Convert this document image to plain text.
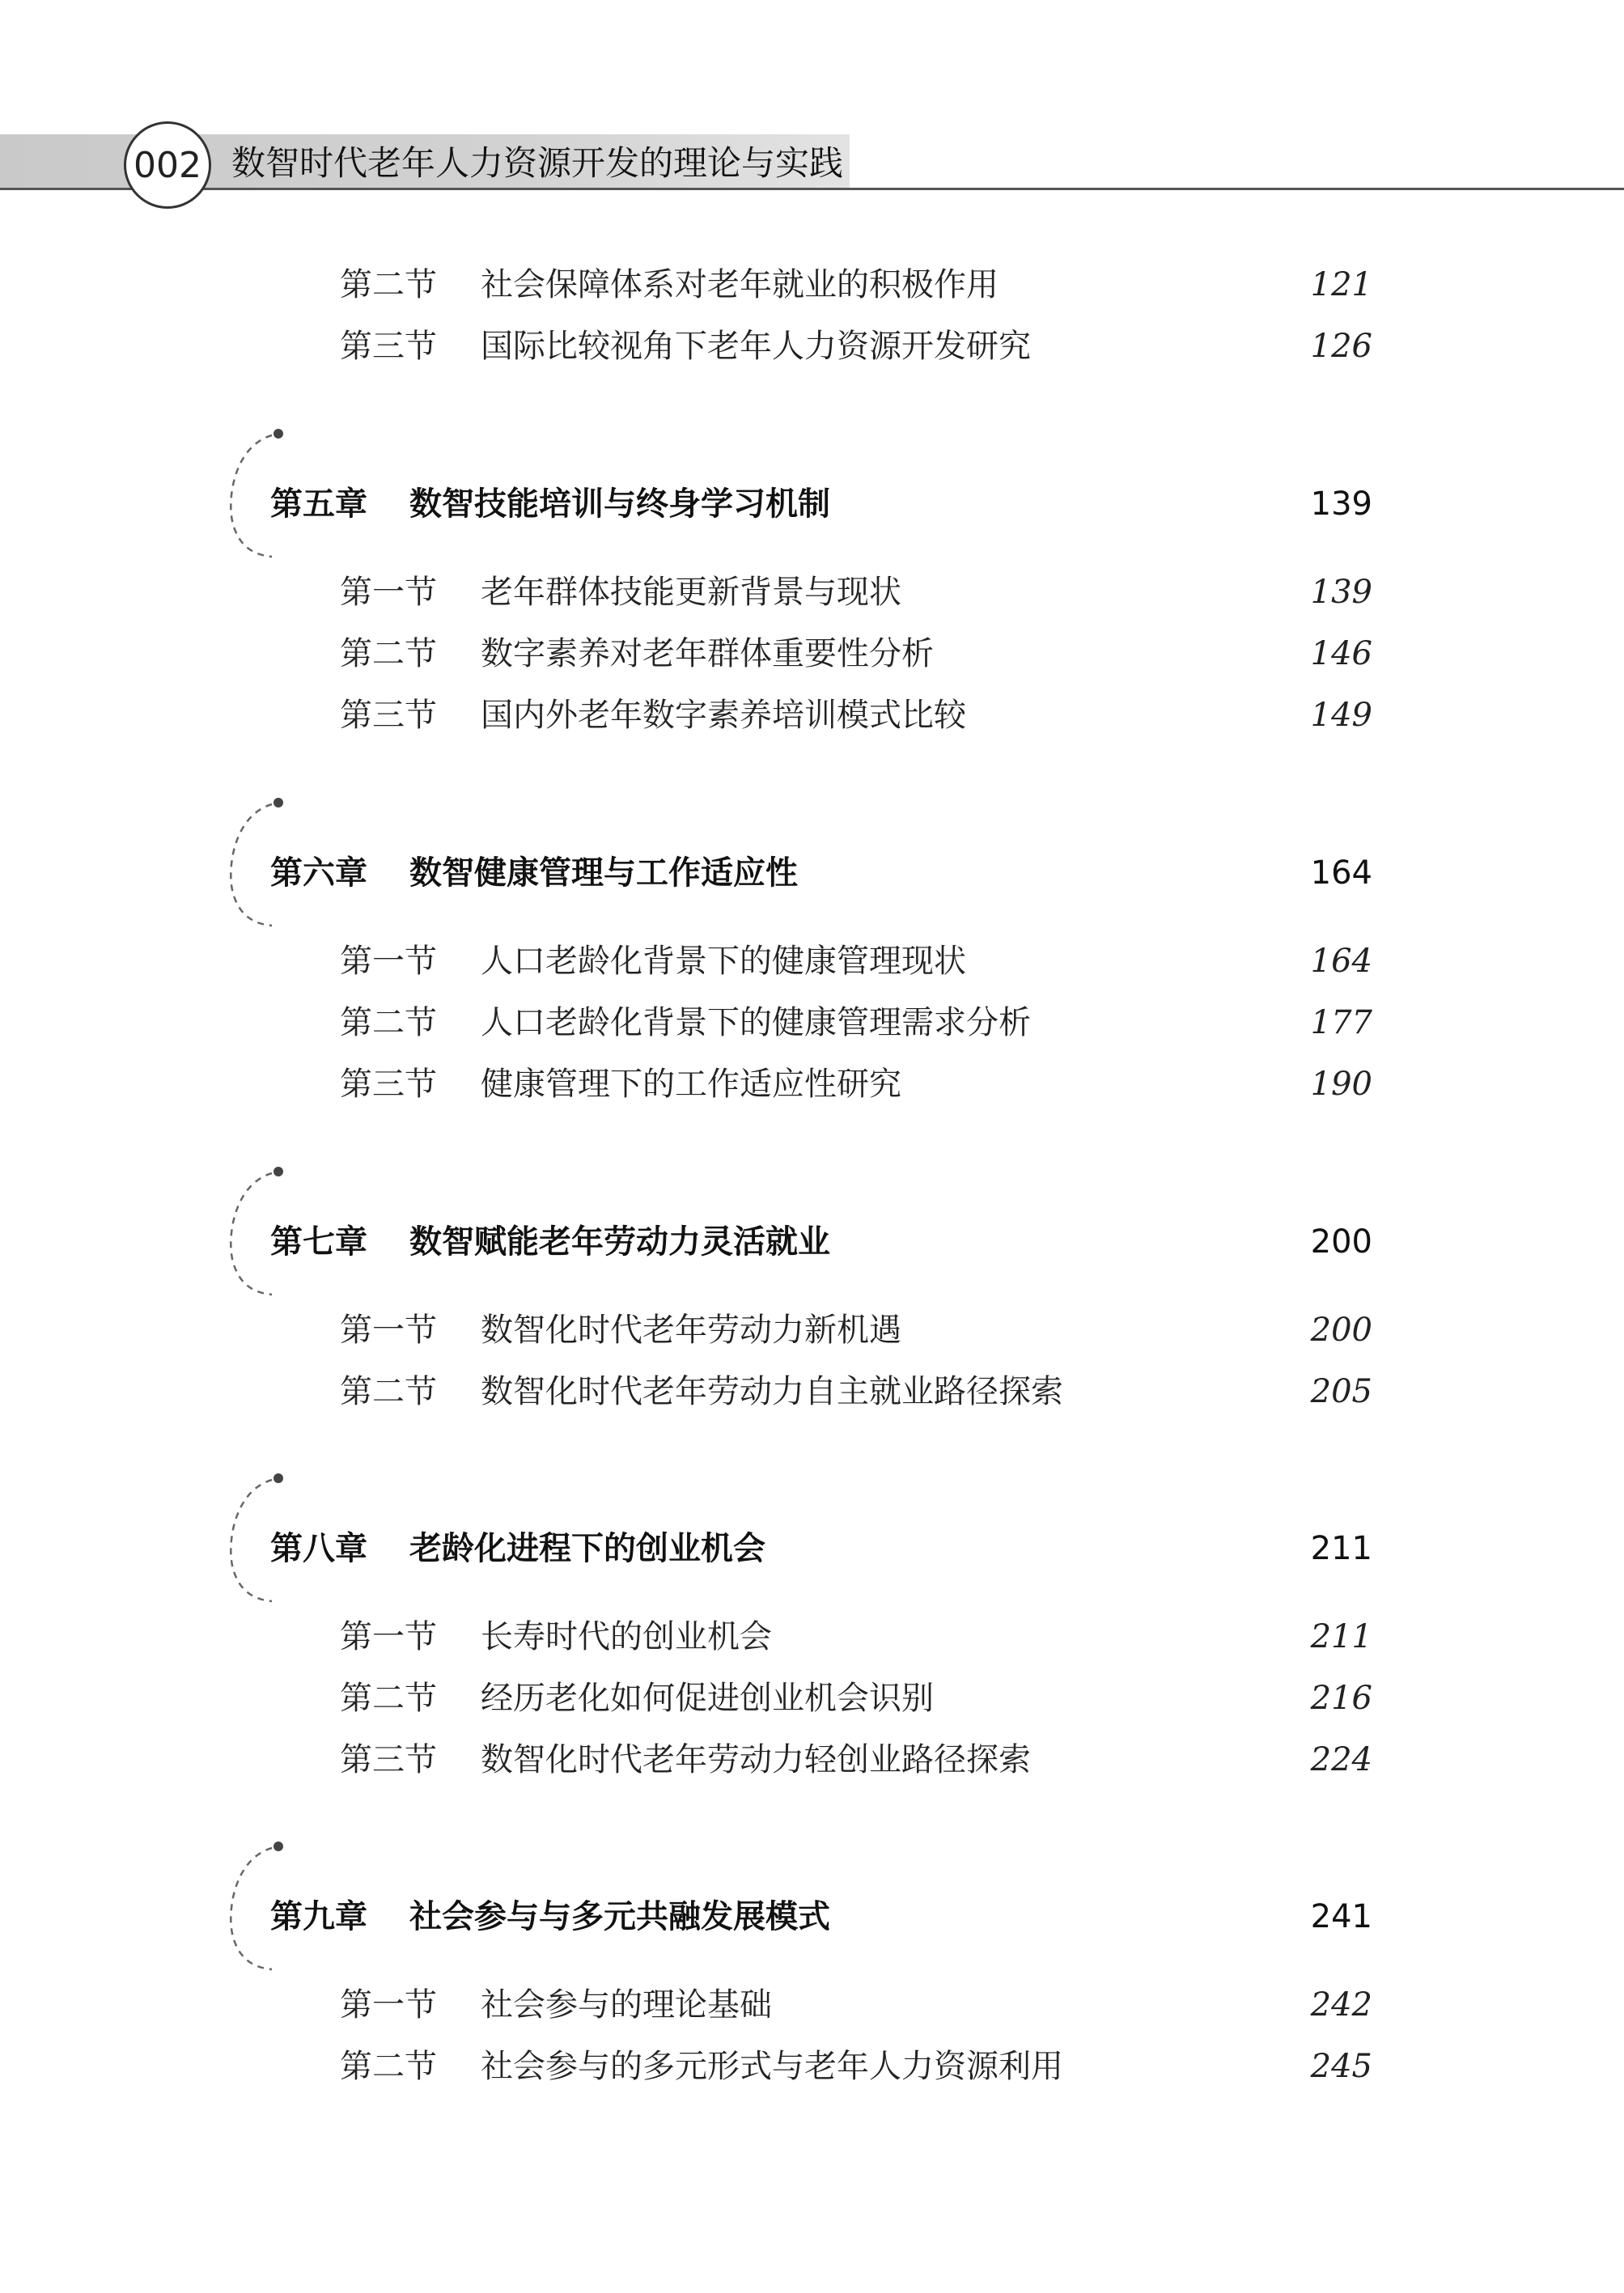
002 数智时代老年人力资源开发的理论与实践
第二节 社会保障体系对老年就业的积极作用	121
第三节 国际比较视角下老年人力资源开发研究	126
第五章 数智技能培训与终身学习机制	139
第一节 老年群体技能更新背景与现状	139
第二节 数字素养对老年群体重要性分析	146
第三节 国内外老年数字素养培训模式比较	149
第六章 数智健康管理与工作适应性	164
第一节 人口老龄化背景下的健康管理现状	164
第二节 人口老龄化背景下的健康管理需求分析	177
第三节 健康管理下的工作适应性研究	190
第七章 数智赋能老年劳动力灵活就业	200
第一节 数智化时代老年劳动力新机遇	200
第二节 数智化时代老年劳动力自主就业路径探索	205
第八章 老龄化进程下的创业机会	211
第一节 长寿时代的创业机会	211
第二节 经历老化如何促进创业机会识别	216
第三节 数智化时代老年劳动力轻创业路径探索	224
第九章 社会参与与多元共融发展模式	241
第一节 社会参与的理论基础	242
第二节 社会参与的多元形式与老年人力资源利用	245
